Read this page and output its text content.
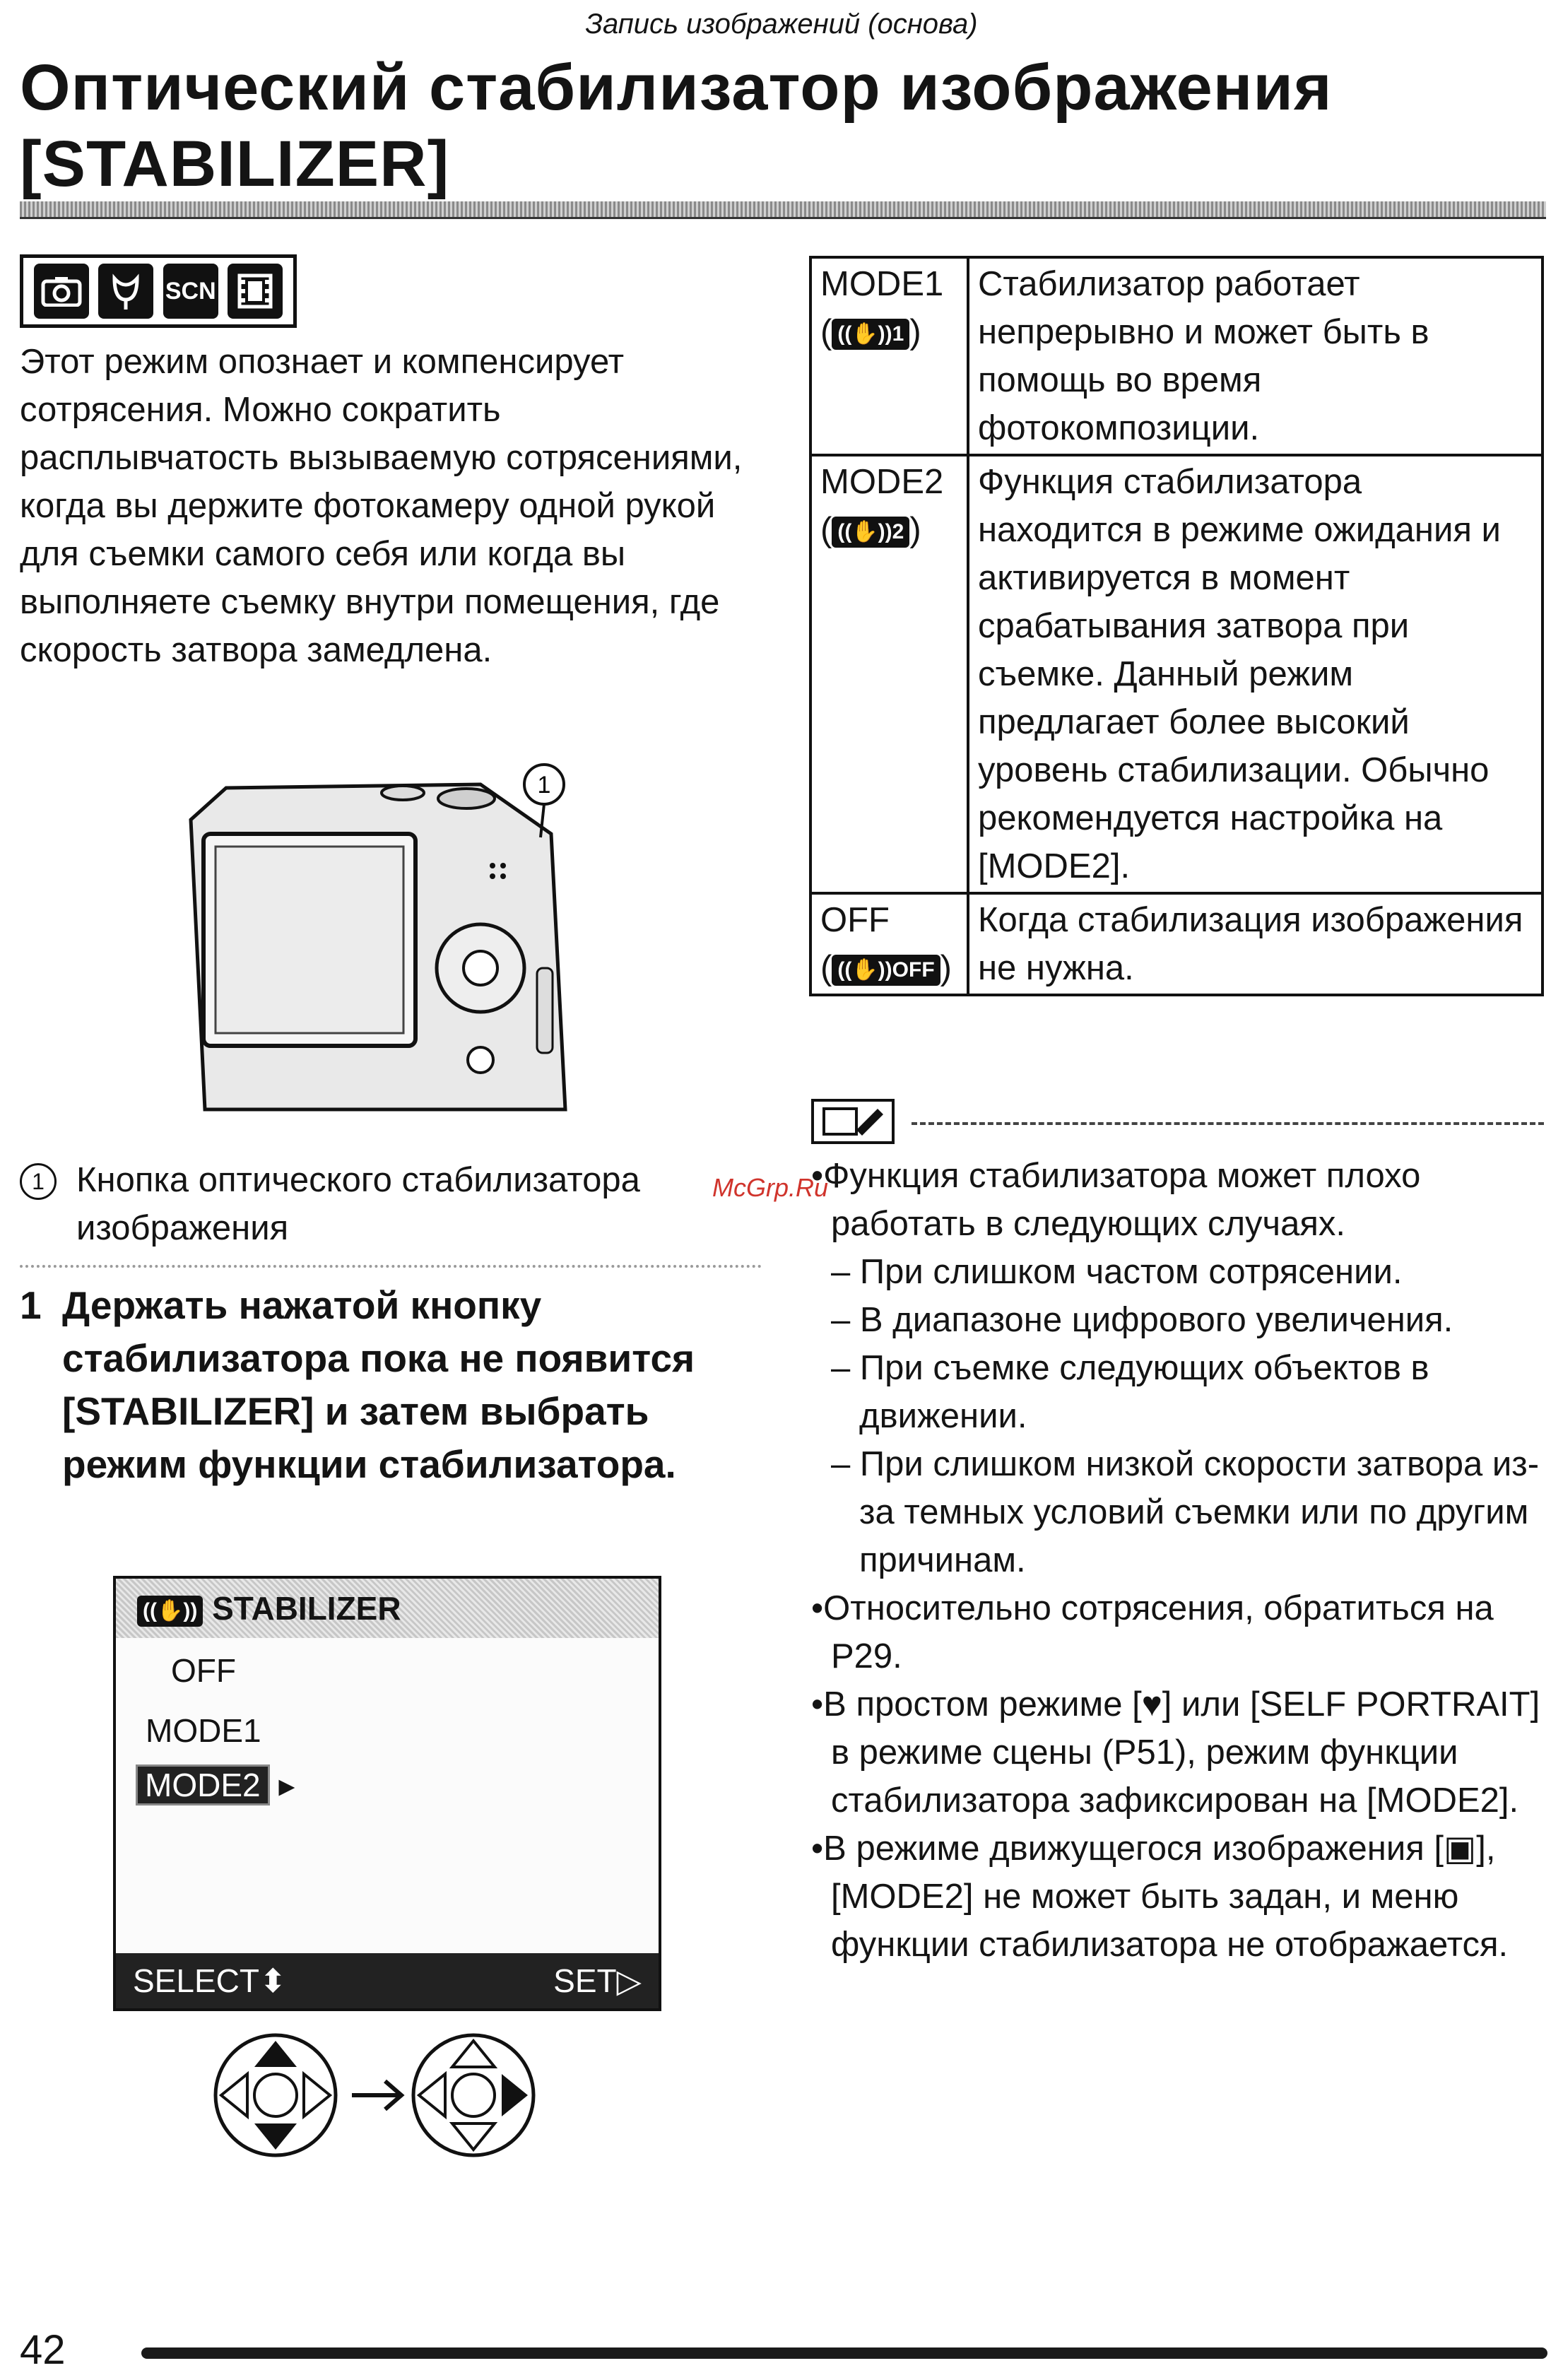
Запись изображений (основа)
Оптический стабилизатор изображения
[STABILIZER]
SCN
Этот режим опознает и компенсирует сотрясения. Можно сократить расплывчатость вызываемую сотрясениями, когда вы держите фотокамеру одной рукой для съемки самого себя или когда вы выполняете съемку внутри помещения, где скорость затвора замедлена.
1
1 Кнопка оптического стабилизатора изображения
McGrp.Ru
1 Держать нажатой кнопку стабилизатора пока не появится [STABILIZER] и затем выбрать режим функции стабилизатора.
((✋)) STABILIZER
OFF
MODE1
MODE2 ▸
SELECT⬍	SET▷
MODE1
( ((✋))1 )	Стабилизатор работает непрерывно и может быть в помощь во время фотокомпозиции.

MODE2
( ((✋))2 )	Функция стабилизатора находится в режиме ожидания и активируется в момент срабатывания затвора при съемке. Данный режим предлагает более высокий уровень стабилизации. Обычно рекомендуется настройка на [MODE2].

OFF
( ((✋))OFF )	Когда стабилизация изображения не нужна.
•Функция стабилизатора может плохо работать в следующих случаях.
– При слишком частом сотрясении.
– В диапазоне цифрового увеличения.
– При съемке следующих объектов в движении.
– При слишком низкой скорости затвора из-за темных условий съемки или по другим причинам.
•Относительно сотрясения, обратиться на P29.
•В простом режиме [♥] или [SELF PORTRAIT] в режиме сцены (P51), режим функции стабилизатора зафиксирован на [MODE2].
•В режиме движущегося изображения [▣], [MODE2] не может быть задан, и меню функции стабилизатора не отображается.
42
